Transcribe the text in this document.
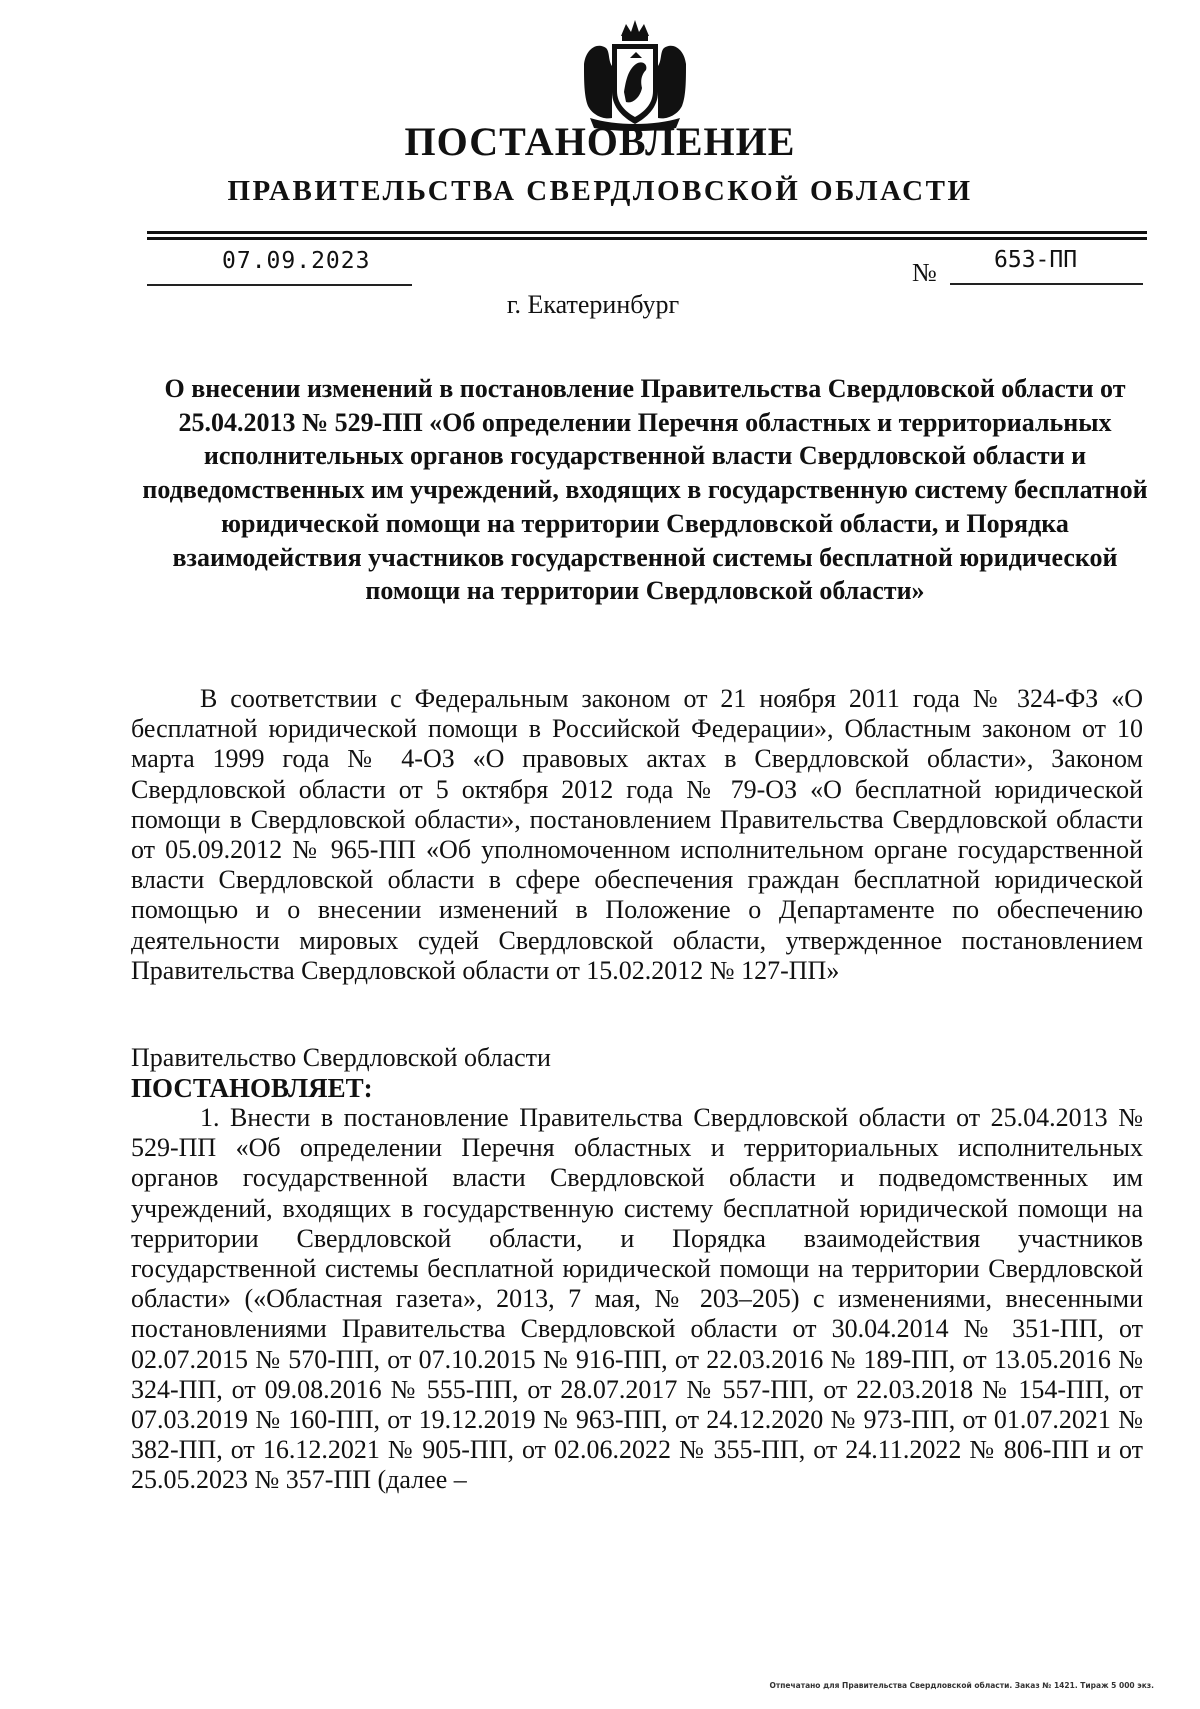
ПОСТАНОВЛЕНИЕ
ПРАВИТЕЛЬСТВА СВЕРДЛОВСКОЙ ОБЛАСТИ
07.09.2023	№ 653-ПП
г. Екатеринбург
О внесении изменений в постановление Правительства Свердловской области от 25.04.2013 № 529-ПП «Об определении Перечня областных и территориальных исполнительных органов государственной власти Свердловской области и подведомственных им учреждений, входящих в государственную систему бесплатной юридической помощи на территории Свердловской области, и Порядка взаимодействия участников государственной системы бесплатной юридической помощи на территории Свердловской области»
В соответствии с Федеральным законом от 21 ноября 2011 года № 324-ФЗ «О бесплатной юридической помощи в Российской Федерации», Областным законом от 10 марта 1999 года № 4-ОЗ «О правовых актах в Свердловской области», Законом Свердловской области от 5 октября 2012 года № 79-ОЗ «О бесплатной юридической помощи в Свердловской области», постановлением Правительства Свердловской области от 05.09.2012 № 965-ПП «Об уполномоченном исполнительном органе государственной власти Свердловской области в сфере обеспечения граждан бесплатной юридической помощью и о внесении изменений в Положение о Департаменте по обеспечению деятельности мировых судей Свердловской области, утвержденное постановлением Правительства Свердловской области от 15.02.2012 № 127-ПП»
Правительство Свердловской области
ПОСТАНОВЛЯЕТ:
1. Внести в постановление Правительства Свердловской области от 25.04.2013 № 529-ПП «Об определении Перечня областных и территориальных исполнительных органов государственной власти Свердловской области и подведомственных им учреждений, входящих в государственную систему бесплатной юридической помощи на территории Свердловской области, и Порядка взаимодействия участников государственной системы бесплатной юридической помощи на территории Свердловской области» («Областная газета», 2013, 7 мая, № 203–205) с изменениями, внесенными постановлениями Правительства Свердловской области от 30.04.2014 № 351-ПП, от 02.07.2015 № 570-ПП, от 07.10.2015 № 916-ПП, от 22.03.2016 № 189-ПП, от 13.05.2016 № 324-ПП, от 09.08.2016 № 555-ПП, от 28.07.2017 № 557-ПП, от 22.03.2018 № 154-ПП, от 07.03.2019 № 160-ПП, от 19.12.2019 № 963-ПП, от 24.12.2020 № 973-ПП, от 01.07.2021 № 382-ПП, от 16.12.2021 № 905-ПП, от 02.06.2022 № 355-ПП, от 24.11.2022 № 806-ПП и от 25.05.2023 № 357-ПП (далее –
Отпечатано для Правительства Свердловской области. Заказ № 1421. Тираж 5 000 экз.
